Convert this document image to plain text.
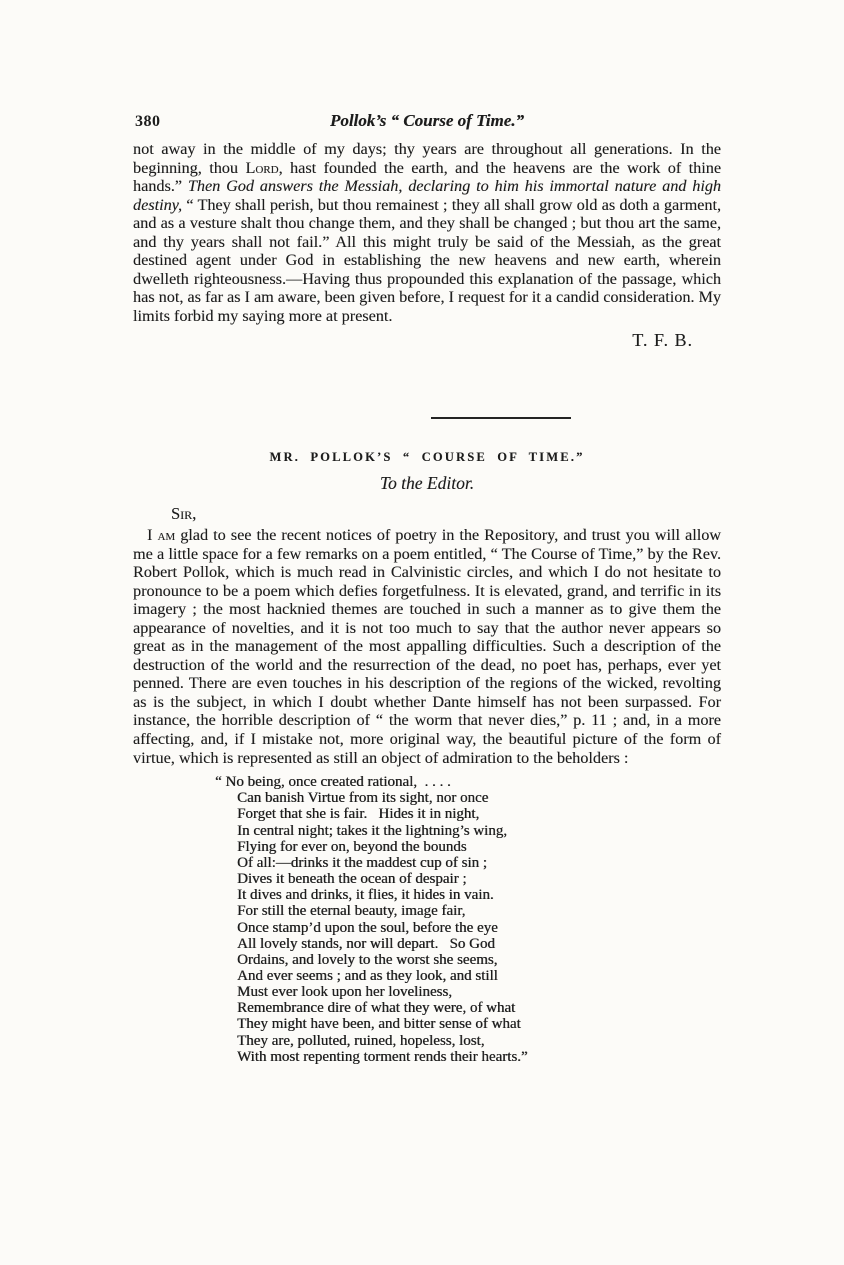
380	Pollok’s “ Course of Time.”

not away in the middle of my days; thy years are throughout all generations. In the beginning, thou Lord, hast founded the earth, and the heavens are the work of thine hands.” Then God answers the Messiah, declaring to him his immortal nature and high destiny, “ They shall perish, but thou remainest ; they all shall grow old as doth a garment, and as a vesture shalt thou change them, and they shall be changed ; but thou art the same, and thy years shall not fail.” All this might truly be said of the Messiah, as the great destined agent under God in establishing the new heavens and new earth, wherein dwelleth righteousness.—Having thus propounded this explanation of the passage, which has not, as far as I am aware, been given before, I request for it a candid consideration. My limits forbid my saying more at present.

T. F. B.
MR. POLLOK’S “ COURSE OF TIME.”
To the Editor.
Sir,

I am glad to see the recent notices of poetry in the Repository, and trust you will allow me a little space for a few remarks on a poem entitled, “ The Course of Time,” by the Rev. Robert Pollok, which is much read in Calvinistic circles, and which I do not hesitate to pronounce to be a poem which defies forgetfulness. It is elevated, grand, and terrific in its imagery ; the most hacknied themes are touched in such a manner as to give them the appearance of novelties, and it is not too much to say that the author never appears so great as in the management of the most appalling difficulties. Such a description of the destruction of the world and the resurrection of the dead, no poet has, perhaps, ever yet penned. There are even touches in his description of the regions of the wicked, revolting as is the subject, in which I doubt whether Dante himself has not been surpassed. For instance, the horrible description of “ the worm that never dies,” p. 11 ; and, in a more affecting, and, if I mistake not, more original way, the beautiful picture of the form of virtue, which is represented as still an object of admiration to the beholders :

“ No being, once created rational,  . . . .
Can banish Virtue from its sight, nor once
Forget that she is fair.   Hides it in night,
In central night; takes it the lightning’s wing,
Flying for ever on, beyond the bounds
Of all:—drinks it the maddest cup of sin ;
Dives it beneath the ocean of despair ;
It dives and drinks, it flies, it hides in vain.
For still the eternal beauty, image fair,
Once stamp’d upon the soul, before the eye
All lovely stands, nor will depart.   So God
Ordains, and lovely to the worst she seems,
And ever seems ; and as they look, and still
Must ever look upon her loveliness,
Remembrance dire of what they were, of what
They might have been, and bitter sense of what
They are, polluted, ruined, hopeless, lost,
With most repenting torment rends their hearts.”
